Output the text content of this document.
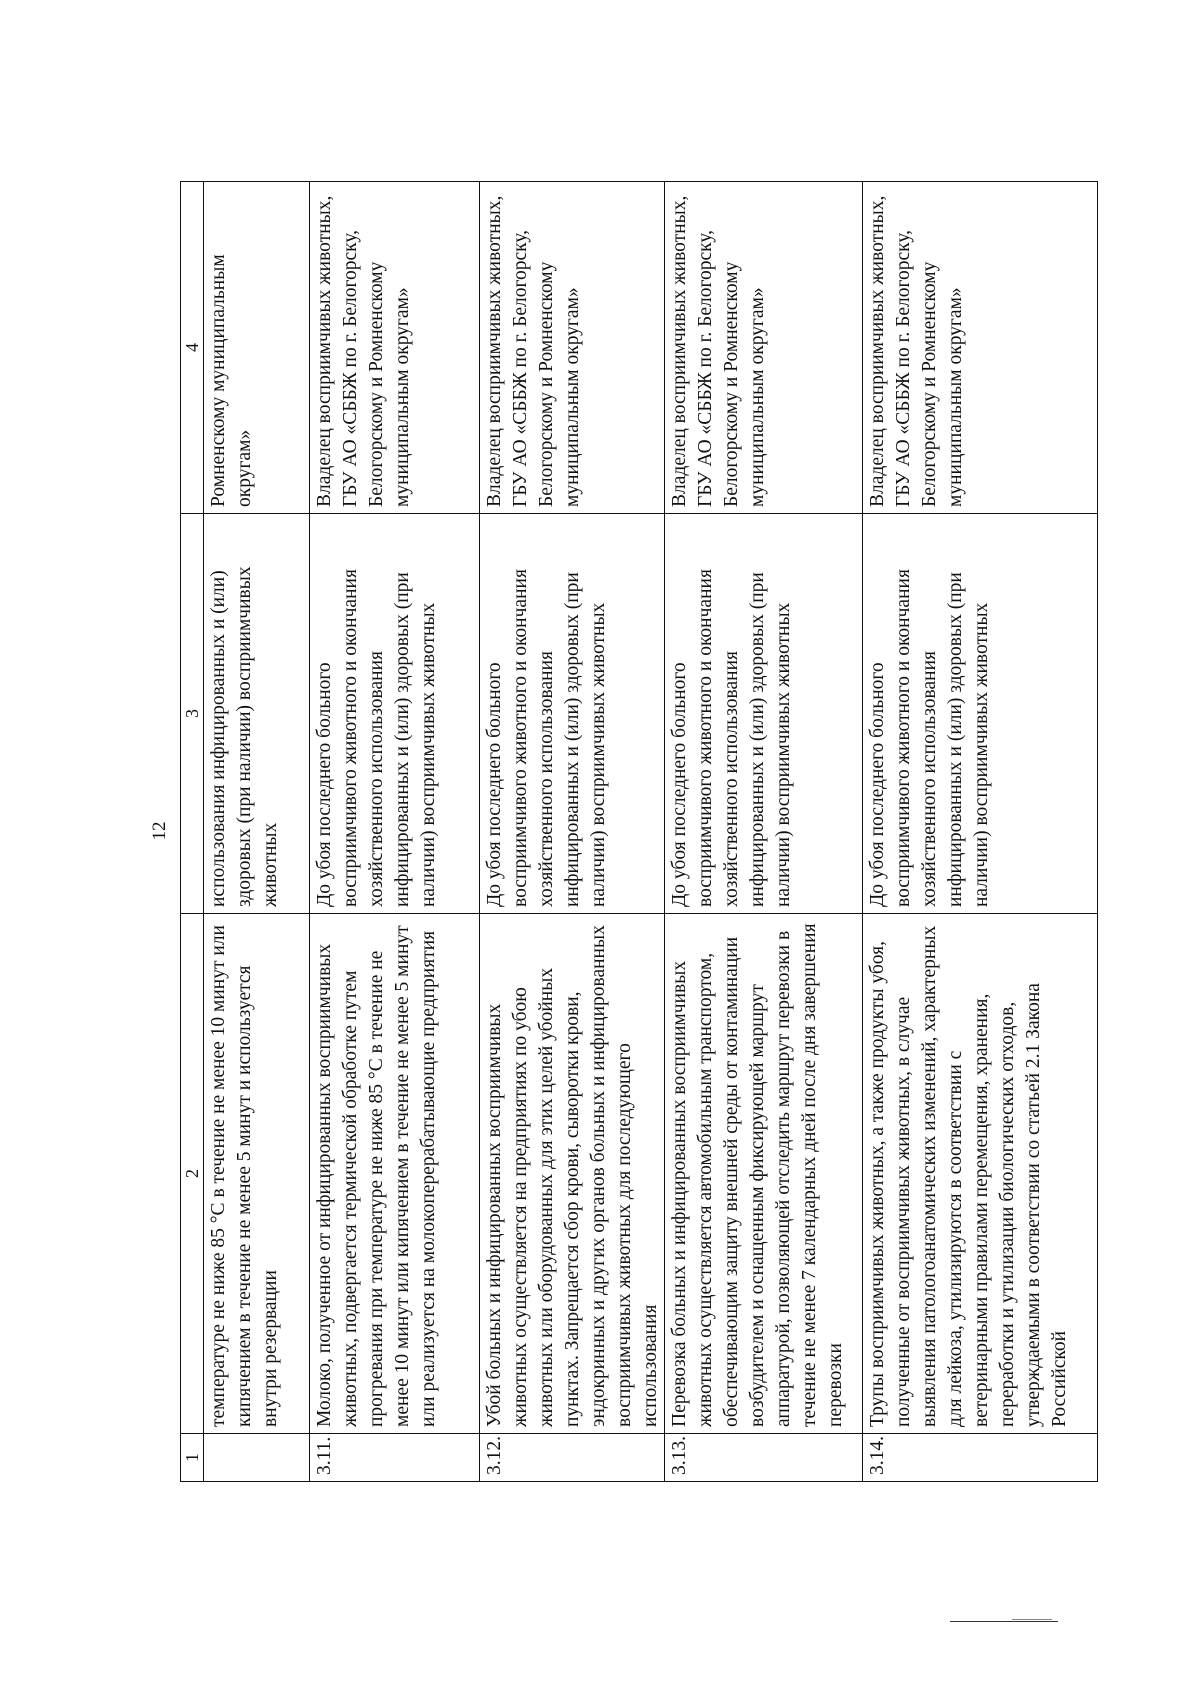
12
1	2	3	4
	температуре не ниже 85 °С в течение не менее 10 минут или кипячением в течение не менее 5 минут и используется внутри резервации	использования инфицированных и (или) здоровых (при наличии) восприимчивых животных	Ромненскому муниципальным округам»
3.11.	Молоко, полученное от инфицированных восприимчивых животных, подвергается термической обработке путем прогревания при температуре не ниже 85 °С в течение не менее 10 минут или кипячением в течение не менее 5 минут или реализуется на молокоперерабатывающие предприятия	До убоя последнего больного восприимчивого животного и окончания хозяйственного использования инфицированных и (или) здоровых (при наличии) восприимчивых животных	Владелец восприимчивых животных, ГБУ АО «СББЖ по г. Белогорску, Белогорскому и Ромненскому муниципальным округам»
3.12.	Убой больных и инфицированных восприимчивых животных осуществляется на предприятиях по убою животных или оборудованных для этих целей убойных пунктах. Запрещается сбор крови, сыворотки крови, эндокринных и других органов больных и инфицированных восприимчивых животных для последующего использования	До убоя последнего больного восприимчивого животного и окончания хозяйственного использования инфицированных и (или) здоровых (при наличии) восприимчивых животных	Владелец восприимчивых животных, ГБУ АО «СББЖ по г. Белогорску, Белогорскому и Ромненскому муниципальным округам»
3.13.	Перевозка больных и инфицированных восприимчивых животных осуществляется автомобильным транспортом, обеспечивающим защиту внешней среды от контаминации возбудителем и оснащенным фиксирующей маршрут аппаратурой, позволяющей отследить маршрут перевозки в течение не менее 7 календарных дней после дня завершения перевозки	До убоя последнего больного восприимчивого животного и окончания хозяйственного использования инфицированных и (или) здоровых (при наличии) восприимчивых животных	Владелец восприимчивых животных, ГБУ АО «СББЖ по г. Белогорску, Белогорскому и Ромненскому муниципальным округам»
3.14.	Трупы восприимчивых животных, а также продукты убоя, полученные от восприимчивых животных, в случае выявления патологоанатомических изменений, характерных для лейкоза, утилизируются в соответствии с ветеринарными правилами перемещения, хранения, переработки и утилизации биологических отходов, утверждаемыми в соответствии со статьей 2.1 Закона Российской	До убоя последнего больного восприимчивого животного и окончания хозяйственного использования инфицированных и (или) здоровых (при наличии) восприимчивых животных	Владелец восприимчивых животных, ГБУ АО «СББЖ по г. Белогорску, Белогорскому и Ромненскому муниципальным округам»
